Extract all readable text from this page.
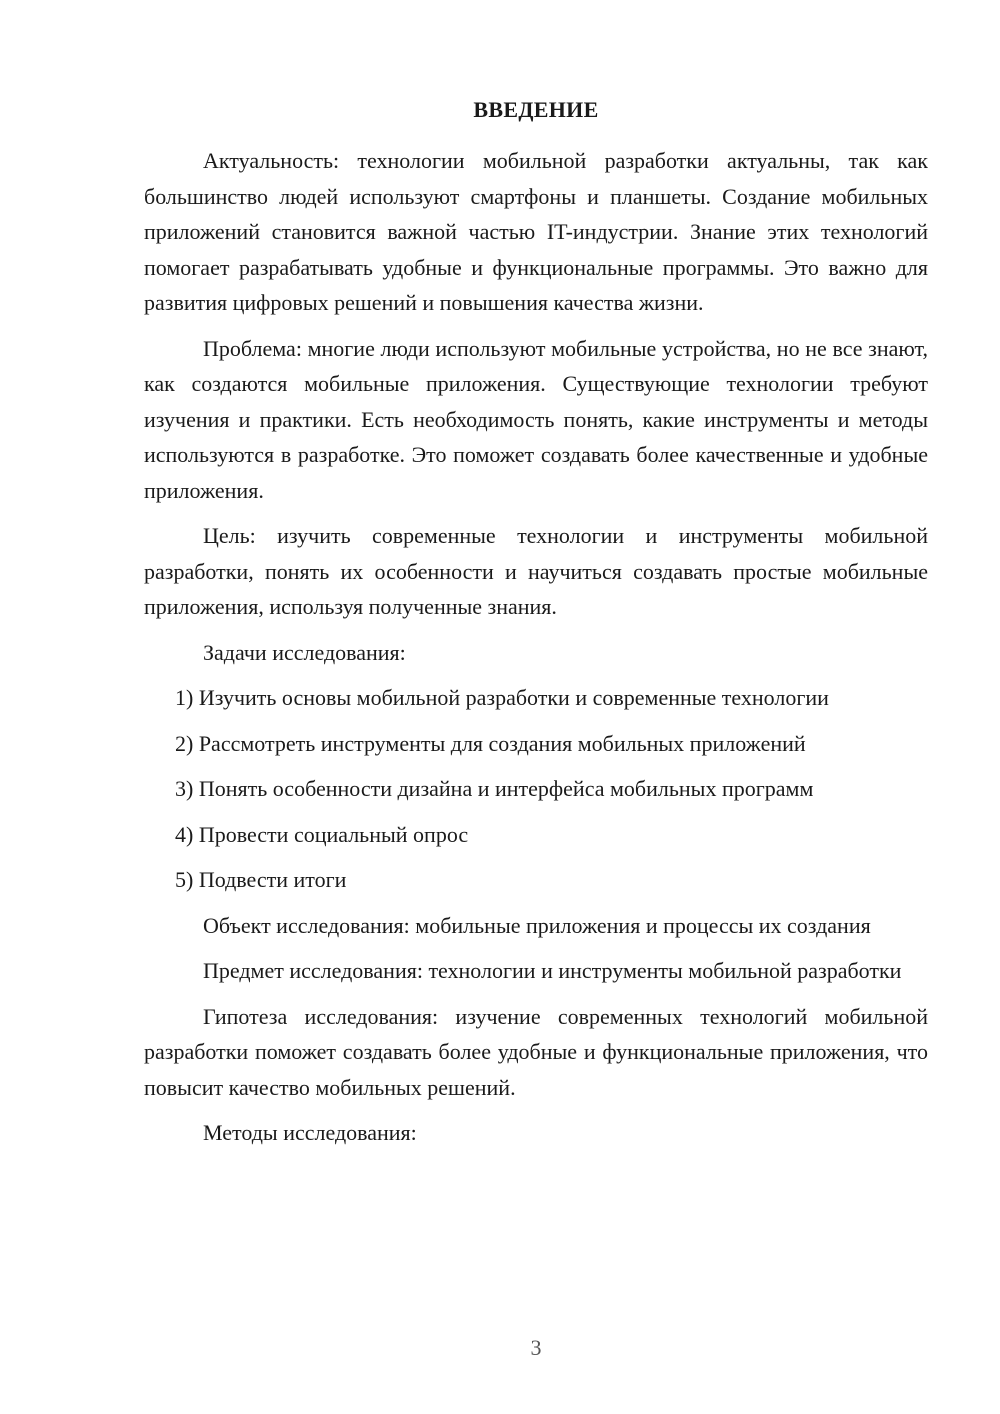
ВВЕДЕНИЕ

Актуальность: технологии мобильной разработки актуальны, так как большинство людей используют смартфоны и планшеты. Создание мобильных приложений становится важной частью IT-индустрии. Знание этих технологий помогает разрабатывать удобные и функциональные программы. Это важно для развития цифровых решений и повышения качества жизни.

Проблема: многие люди используют мобильные устройства, но не все знают, как создаются мобильные приложения. Существующие технологии требуют изучения и практики. Есть необходимость понять, какие инструменты и методы используются в разработке. Это поможет создавать более качественные и удобные приложения.

Цель: изучить современные технологии и инструменты мобильной разработки, понять их особенности и научиться создавать простые мобильные приложения, используя полученные знания.

Задачи исследования:

1) Изучить основы мобильной разработки и современные технологии
2) Рассмотреть инструменты для создания мобильных приложений
3) Понять особенности дизайна и интерфейса мобильных программ
4) Провести социальный опрос
5) Подвести итоги

Объект исследования: мобильные приложения и процессы их создания

Предмет исследования: технологии и инструменты мобильной разработки

Гипотеза исследования: изучение современных технологий мобильной разработки поможет создавать более удобные и функциональные приложения, что повысит качество мобильных решений.

Методы исследования:

3
